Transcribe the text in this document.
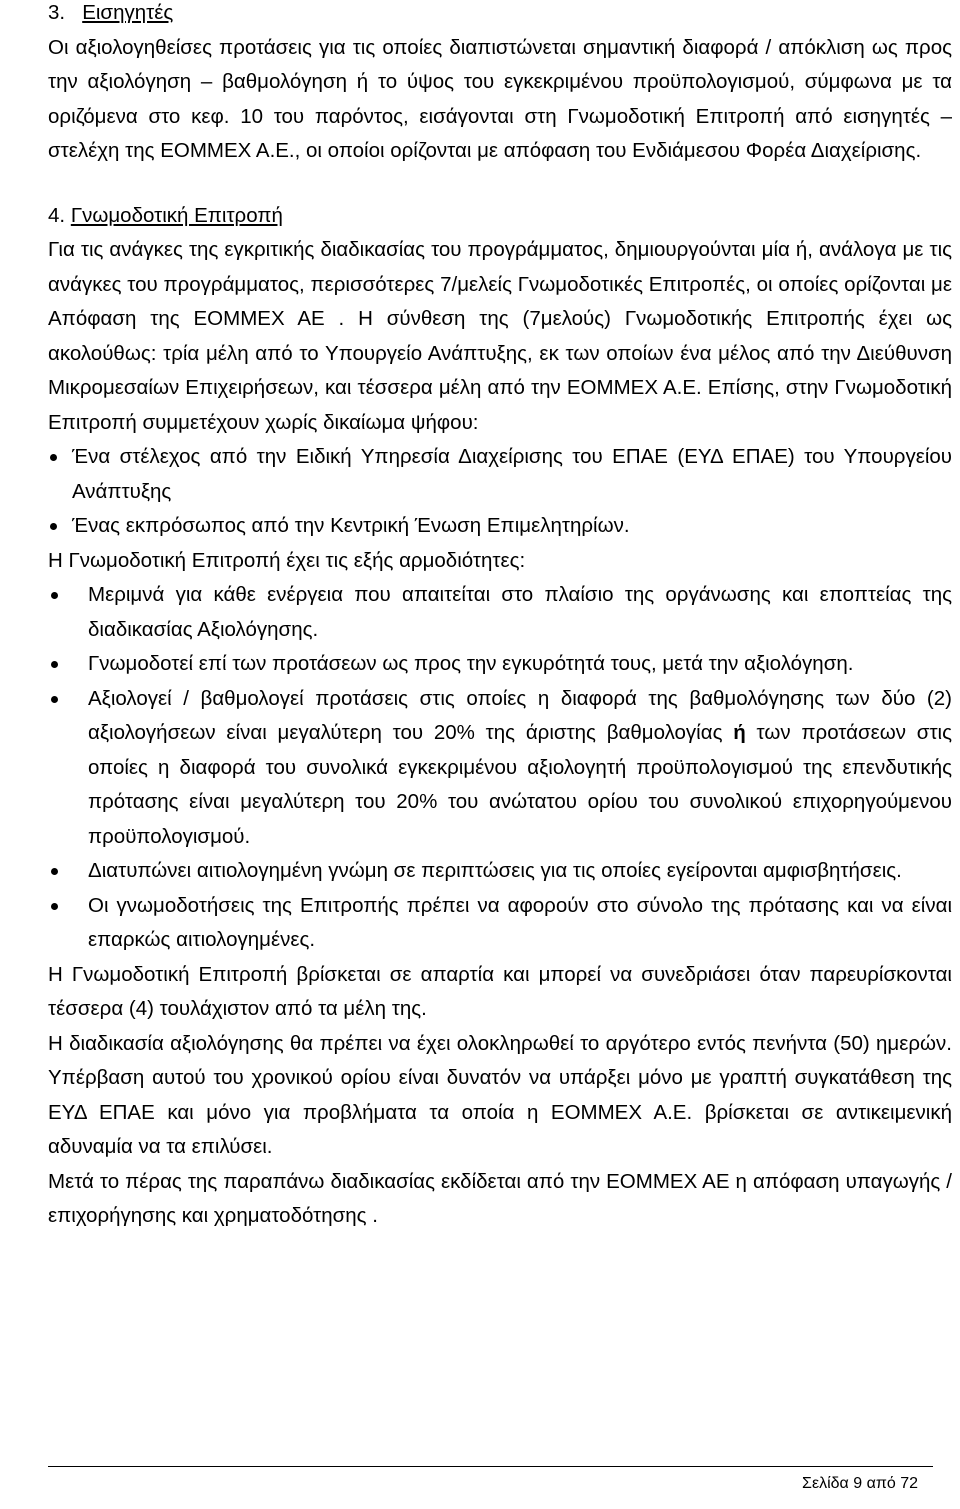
3. Εισηγητές

Οι αξιολογηθείσες προτάσεις για τις οποίες διαπιστώνεται σημαντική διαφορά / απόκλιση ως προς την αξιολόγηση – βαθμολόγηση ή το ύψος του εγκεκριμένου προϋπολογισμού, σύμφωνα με τα οριζόμενα στο κεφ. 10 του παρόντος, εισάγονται στη Γνωμοδοτική Επιτροπή από εισηγητές – στελέχη της ΕΟΜΜΕΧ Α.Ε., οι οποίοι ορίζονται με απόφαση του Ενδιάμεσου Φορέα Διαχείρισης.

4. Γνωμοδοτική Επιτροπή

Για τις ανάγκες της εγκριτικής διαδικασίας του προγράμματος, δημιουργούνται μία ή, ανάλογα με τις ανάγκες του προγράμματος, περισσότερες 7/μελείς Γνωμοδοτικές Επιτροπές, οι οποίες ορίζονται με Απόφαση της ΕΟΜΜΕΧ ΑΕ . Η σύνθεση της (7μελούς) Γνωμοδοτικής Επιτροπής έχει ως ακολούθως: τρία μέλη από το Υπουργείο Ανάπτυξης, εκ των οποίων ένα μέλος από την Διεύθυνση Μικρομεσαίων Επιχειρήσεων, και τέσσερα μέλη από την ΕΟΜΜΕΧ Α.Ε. Επίσης, στην Γνωμοδοτική Επιτροπή συμμετέχουν χωρίς δικαίωμα ψήφου:

Ένα στέλεχος από την Ειδική Υπηρεσία Διαχείρισης του ΕΠΑΕ (ΕΥΔ ΕΠΑΕ) του Υπουργείου Ανάπτυξης

Ένας εκπρόσωπος από την Κεντρική Ένωση Επιμελητηρίων.

Η Γνωμοδοτική Επιτροπή έχει τις εξής αρμοδιότητες:

Μεριμνά για κάθε ενέργεια που απαιτείται στο πλαίσιο της οργάνωσης και εποπτείας της διαδικασίας Αξιολόγησης.

Γνωμοδοτεί επί των προτάσεων ως προς την εγκυρότητά τους, μετά την αξιολόγηση.

Αξιολογεί / βαθμολογεί προτάσεις στις οποίες η διαφορά της βαθμολόγησης των δύο (2) αξιολογήσεων είναι μεγαλύτερη του 20% της άριστης βαθμολογίας ή των προτάσεων στις οποίες η διαφορά του συνολικά εγκεκριμένου αξιολογητή προϋπολογισμού της επενδυτικής πρότασης είναι μεγαλύτερη του 20% του ανώτατου ορίου του συνολικού επιχορηγούμενου προϋπολογισμού.

Διατυπώνει αιτιολογημένη γνώμη σε περιπτώσεις για τις οποίες εγείρονται αμφισβητήσεις.

Οι γνωμοδοτήσεις της Επιτροπής πρέπει να αφορούν στο σύνολο της πρότασης και να είναι επαρκώς αιτιολογημένες.

Η Γνωμοδοτική Επιτροπή βρίσκεται σε απαρτία και μπορεί να συνεδριάσει όταν παρευρίσκονται τέσσερα (4) τουλάχιστον από τα μέλη της.

Η διαδικασία αξιολόγησης θα πρέπει να έχει ολοκληρωθεί το αργότερο εντός πενήντα (50) ημερών. Υπέρβαση αυτού του χρονικού ορίου είναι δυνατόν να υπάρξει μόνο με γραπτή συγκατάθεση της ΕΥΔ ΕΠΑΕ και μόνο για προβλήματα τα οποία η ΕΟΜΜΕΧ Α.Ε. βρίσκεται σε αντικειμενική αδυναμία να τα επιλύσει.

Μετά το πέρας της παραπάνω διαδικασίας εκδίδεται από την ΕΟΜΜΕΧ ΑΕ η απόφαση υπαγωγής /επιχορήγησης και χρηματοδότησης .

Σελίδα 9 από 72
